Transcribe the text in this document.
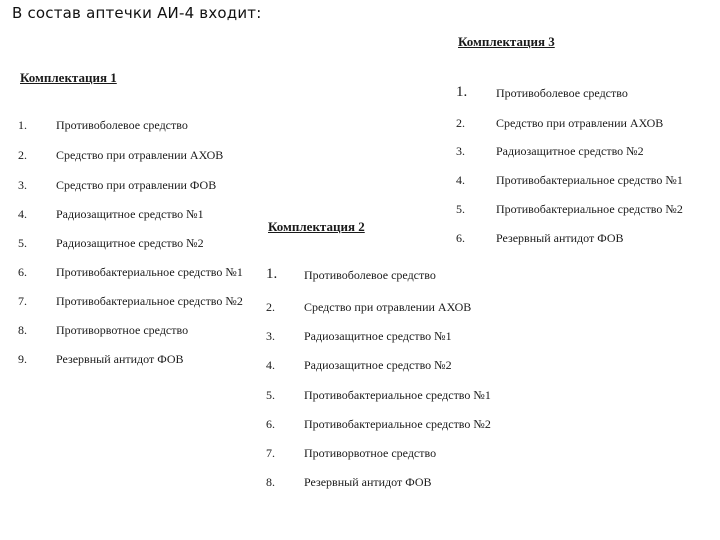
В состав аптечки АИ-4 входит:
Комплектация 1
1. Противоболевое средство
2. Средство при отравлении АХОВ
3. Средство при отравлении ФОВ
4. Радиозащитное средство №1
5. Радиозащитное средство №2
6. Противобактериальное средство №1
7. Противобактериальное средство №2
8. Противорвотное средство
9. Резервный антидот ФОВ
Комплектация 2
1. Противоболевое средство
2. Средство при отравлении АХОВ
3. Радиозащитное средство №1
4. Радиозащитное средство №2
5. Противобактериальное средство №1
6. Противобактериальное средство №2
7. Противорвотное средство
8. Резервный антидот ФОВ
Комплектация 3
1. Противоболевое средство
2.	Средство при отравлении АХОВ
3.	Радиозащитное средство №2
4.	Противобактериальное средство №1
5.	Противобактериальное средство №2
6.	Резервный антидот ФОВ
